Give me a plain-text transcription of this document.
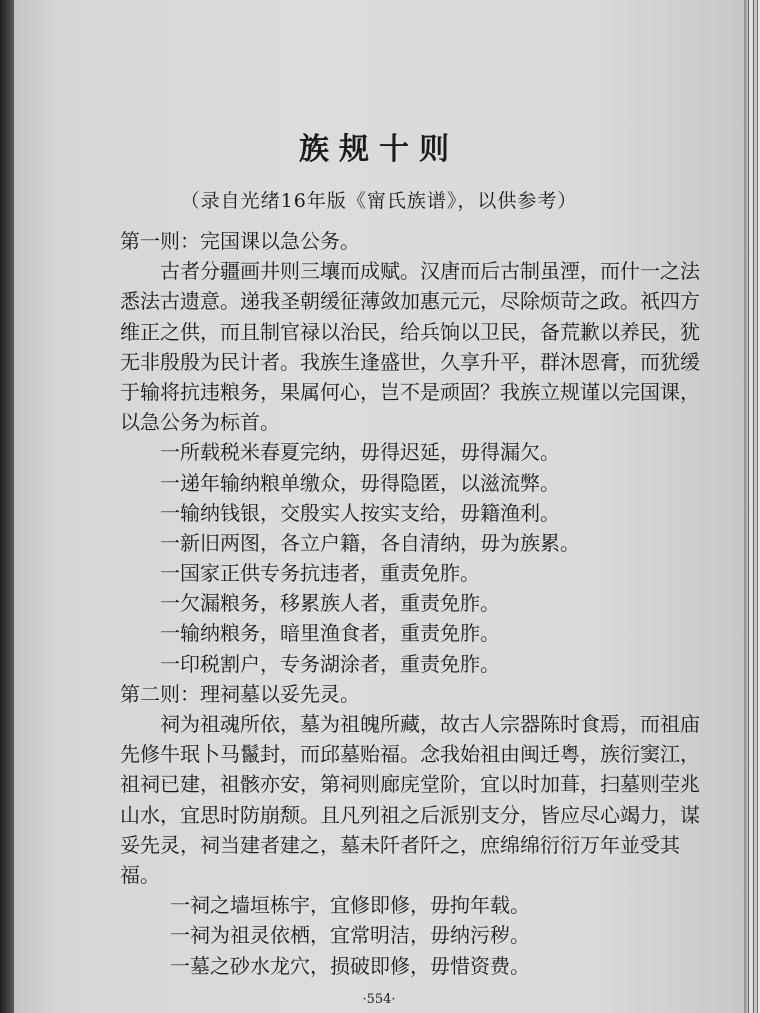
族规十则
（录自光绪16年版《甯氏族谱》，以供参考）
第一则：完国课以急公务。
古者分疆画井则三壤而成赋。汉唐而后古制虽湮，而什一之法
悉法古遗意。递我圣朝缓征薄敛加惠元元，尽除烦苛之政。祇四方
维正之供，而且制官禄以治民，给兵饷以卫民，备荒歉以养民，犹
无非殷殷为民计者。我族生逢盛世，久享升平，群沐恩膏，而犹缓
于输将抗违粮务，果属何心，岂不是顽固？我族立规谨以完国课，
以急公务为标首。
一所载税米春夏完纳，毋得迟延，毋得漏欠。
一递年输纳粮单缴众，毋得隐匿，以滋流弊。
一输纳钱银，交殷实人按实支给，毋籍渔利。
一新旧两图，各立户籍，各自清纳，毋为族累。
一国家正供专务抗违者，重责免胙。
一欠漏粮务，移累族人者，重责免胙。
一输纳粮务，暗里渔食者，重责免胙。
一印税割户，专务湖涂者，重责免胙。
第二则：理祠墓以妥先灵。
祠为祖魂所依，墓为祖魄所藏，故古人宗器陈时食焉，而祖庙
先修牛珉卜马鬣封，而邱墓贻福。念我始祖由闽迁粤，族衍窦江，
祖祠已建，祖骸亦安，第祠则廊庑堂阶，宜以时加葺，扫墓则茔兆
山水，宜思时防崩颓。且凡列祖之后派别支分，皆应尽心竭力，谋
妥先灵，祠当建者建之，墓未阡者阡之，庶绵绵衍衍万年並受其
福。
一祠之墙垣栋宇，宜修即修，毋拘年载。
一祠为祖灵依栖，宜常明洁，毋纳污秽。
一墓之砂水龙穴，损破即修，毋惜资费。
·554·
